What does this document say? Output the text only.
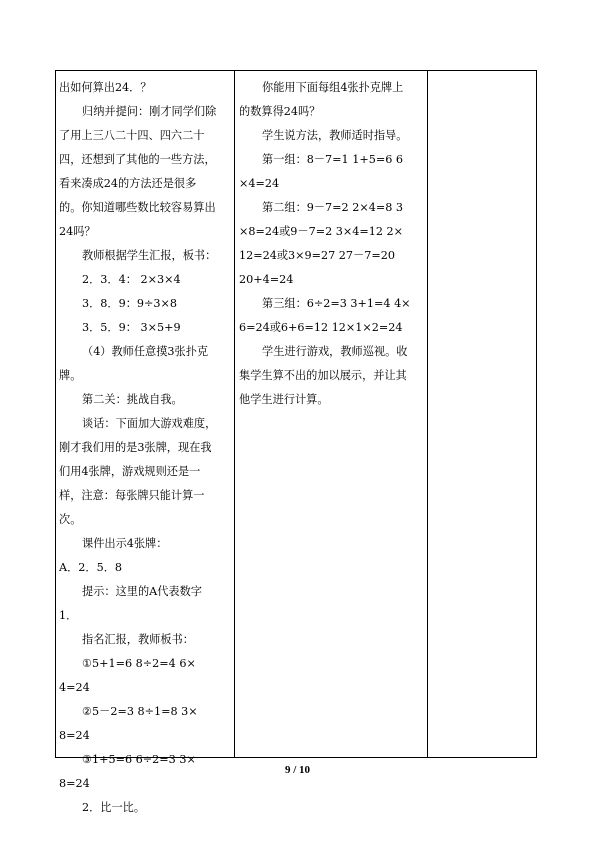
出如何算出24．？

归纳并提问：刚才同学们除

了用上三八二十四、四六二十

四，还想到了其他的一些方法，

看来凑成24的方法还是很多

的。你知道哪些数比较容易算出

24吗？

教师根据学生汇报，板书：

2．3．4： 2×3×4

3．8．9：9÷3×8

3．5．9： 3×5+9

（4）教师任意摸3张扑克

牌。

第二关：挑战自我。

谈话：下面加大游戏难度，

刚才我们用的是3张牌，现在我

们用4张牌，游戏规则还是一

样，注意：每张牌只能计算一

次。

课件出示4张牌：

A．2．5．8

提示：这里的A代表数字

1．

指名汇报，教师板书：

①5+1=6 8÷2=4 6×

4=24

②5－2=3 8÷1=8 3×

8=24

③1+5=6 6÷2=3 3×

8=24

2．比一比。

你能用下面每组4张扑克牌上

的数算得24吗？

学生说方法，教师适时指导。

第一组：8－7=1 1+5=6 6

×4=24

第二组：9－7=2 2×4=8 3

×8=24或9－7=2 3×4=12 2×

12=24或3×9=27 27－7=20

20+4=24

第三组：6÷2=3 3+1=4 4×

6=24或6+6=12 12×1×2=24

学生进行游戏，教师巡视。收

集学生算不出的加以展示，并让其

他学生进行计算。

9 / 10
